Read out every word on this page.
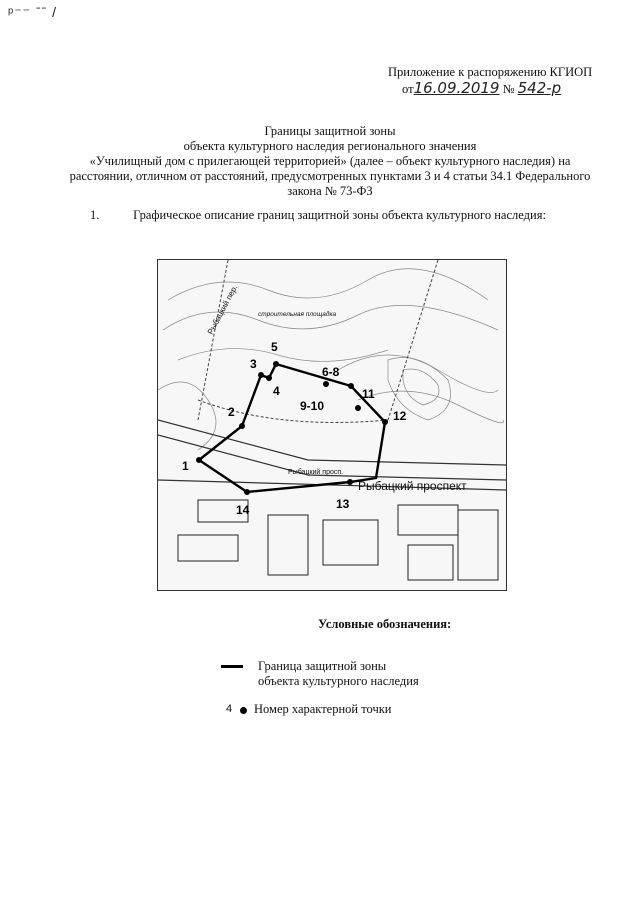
ᵖ⁻⁻ ˉˉ /
Приложение к распоряжению КГИОП
от16.09.2019 № 542-р
Границы защитной зоны
объекта культурного наследия регионального значения
«Училищный дом с прилегающей территорией» (далее – объект культурного наследия) на
расстоянии, отличном от расстояний, предусмотренных пунктами 3 и 4 статьи 34.1 Федерального
закона № 73-ФЗ
1.	Графическое описание границ защитной зоны объекта культурного наследия:
1
2
3
4
5
6-8
9-10
11
12
13
14
Рыбацкий проспект
Рыбацкий просп.
Рыбацкий пер.	строительная площадка
Условные обозначения:
Граница защитной зоны
объекта культурного наследия
4 Номер характерной точки
